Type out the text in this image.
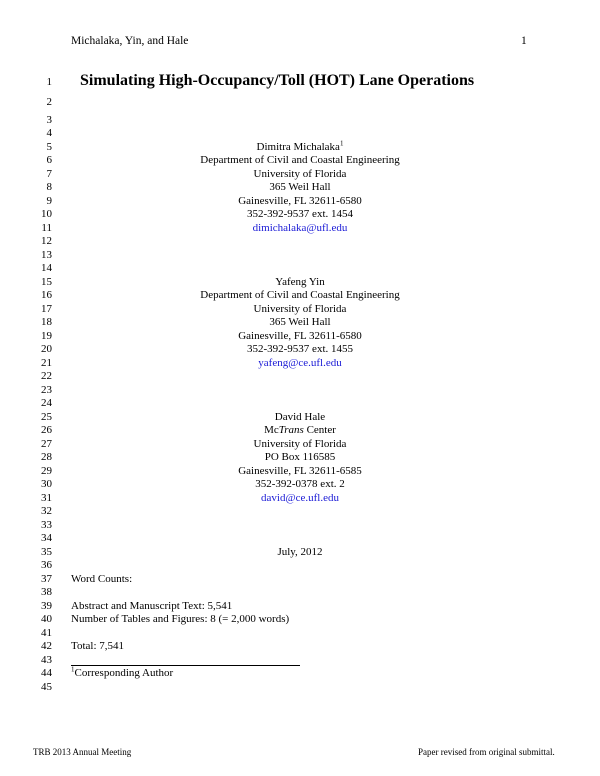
Michalaka, Yin, and Hale	1
1
2
3
4
5
6
7
8
9
10
11
12
13
14
15
16
17
18
19
20
21
22
23
24
25
26
27
28
29
30
31
32
33
34
35
36
37
38
39
40
41
42
43
44
45
Simulating High-Occupancy/Toll (HOT) Lane Operations
Dimitra Michalaka$^1$
Department of Civil and Coastal Engineering
University of Florida
365 Weil Hall
Gainesville, FL 32611-6580
352-392-9537 ext. 1454
dimichalaka@ufl.edu
Yafeng Yin
Department of Civil and Coastal Engineering
University of Florida
365 Weil Hall
Gainesville, FL 32611-6580
352-392-9537 ext. 1455
yafeng@ce.ufl.edu
David Hale
McTrans Center
University of Florida
PO Box 116585
Gainesville, FL 32611-6585
352-392-0378 ext. 2
david@ce.ufl.edu
July, 2012
Word Counts:
Abstract and Manuscript Text: 5,541
Number of Tables and Figures: 8 (= 2,000 words)
Total: 7,541
$^1$Corresponding Author
TRB 2013 Annual Meeting	Paper revised from original submittal.
